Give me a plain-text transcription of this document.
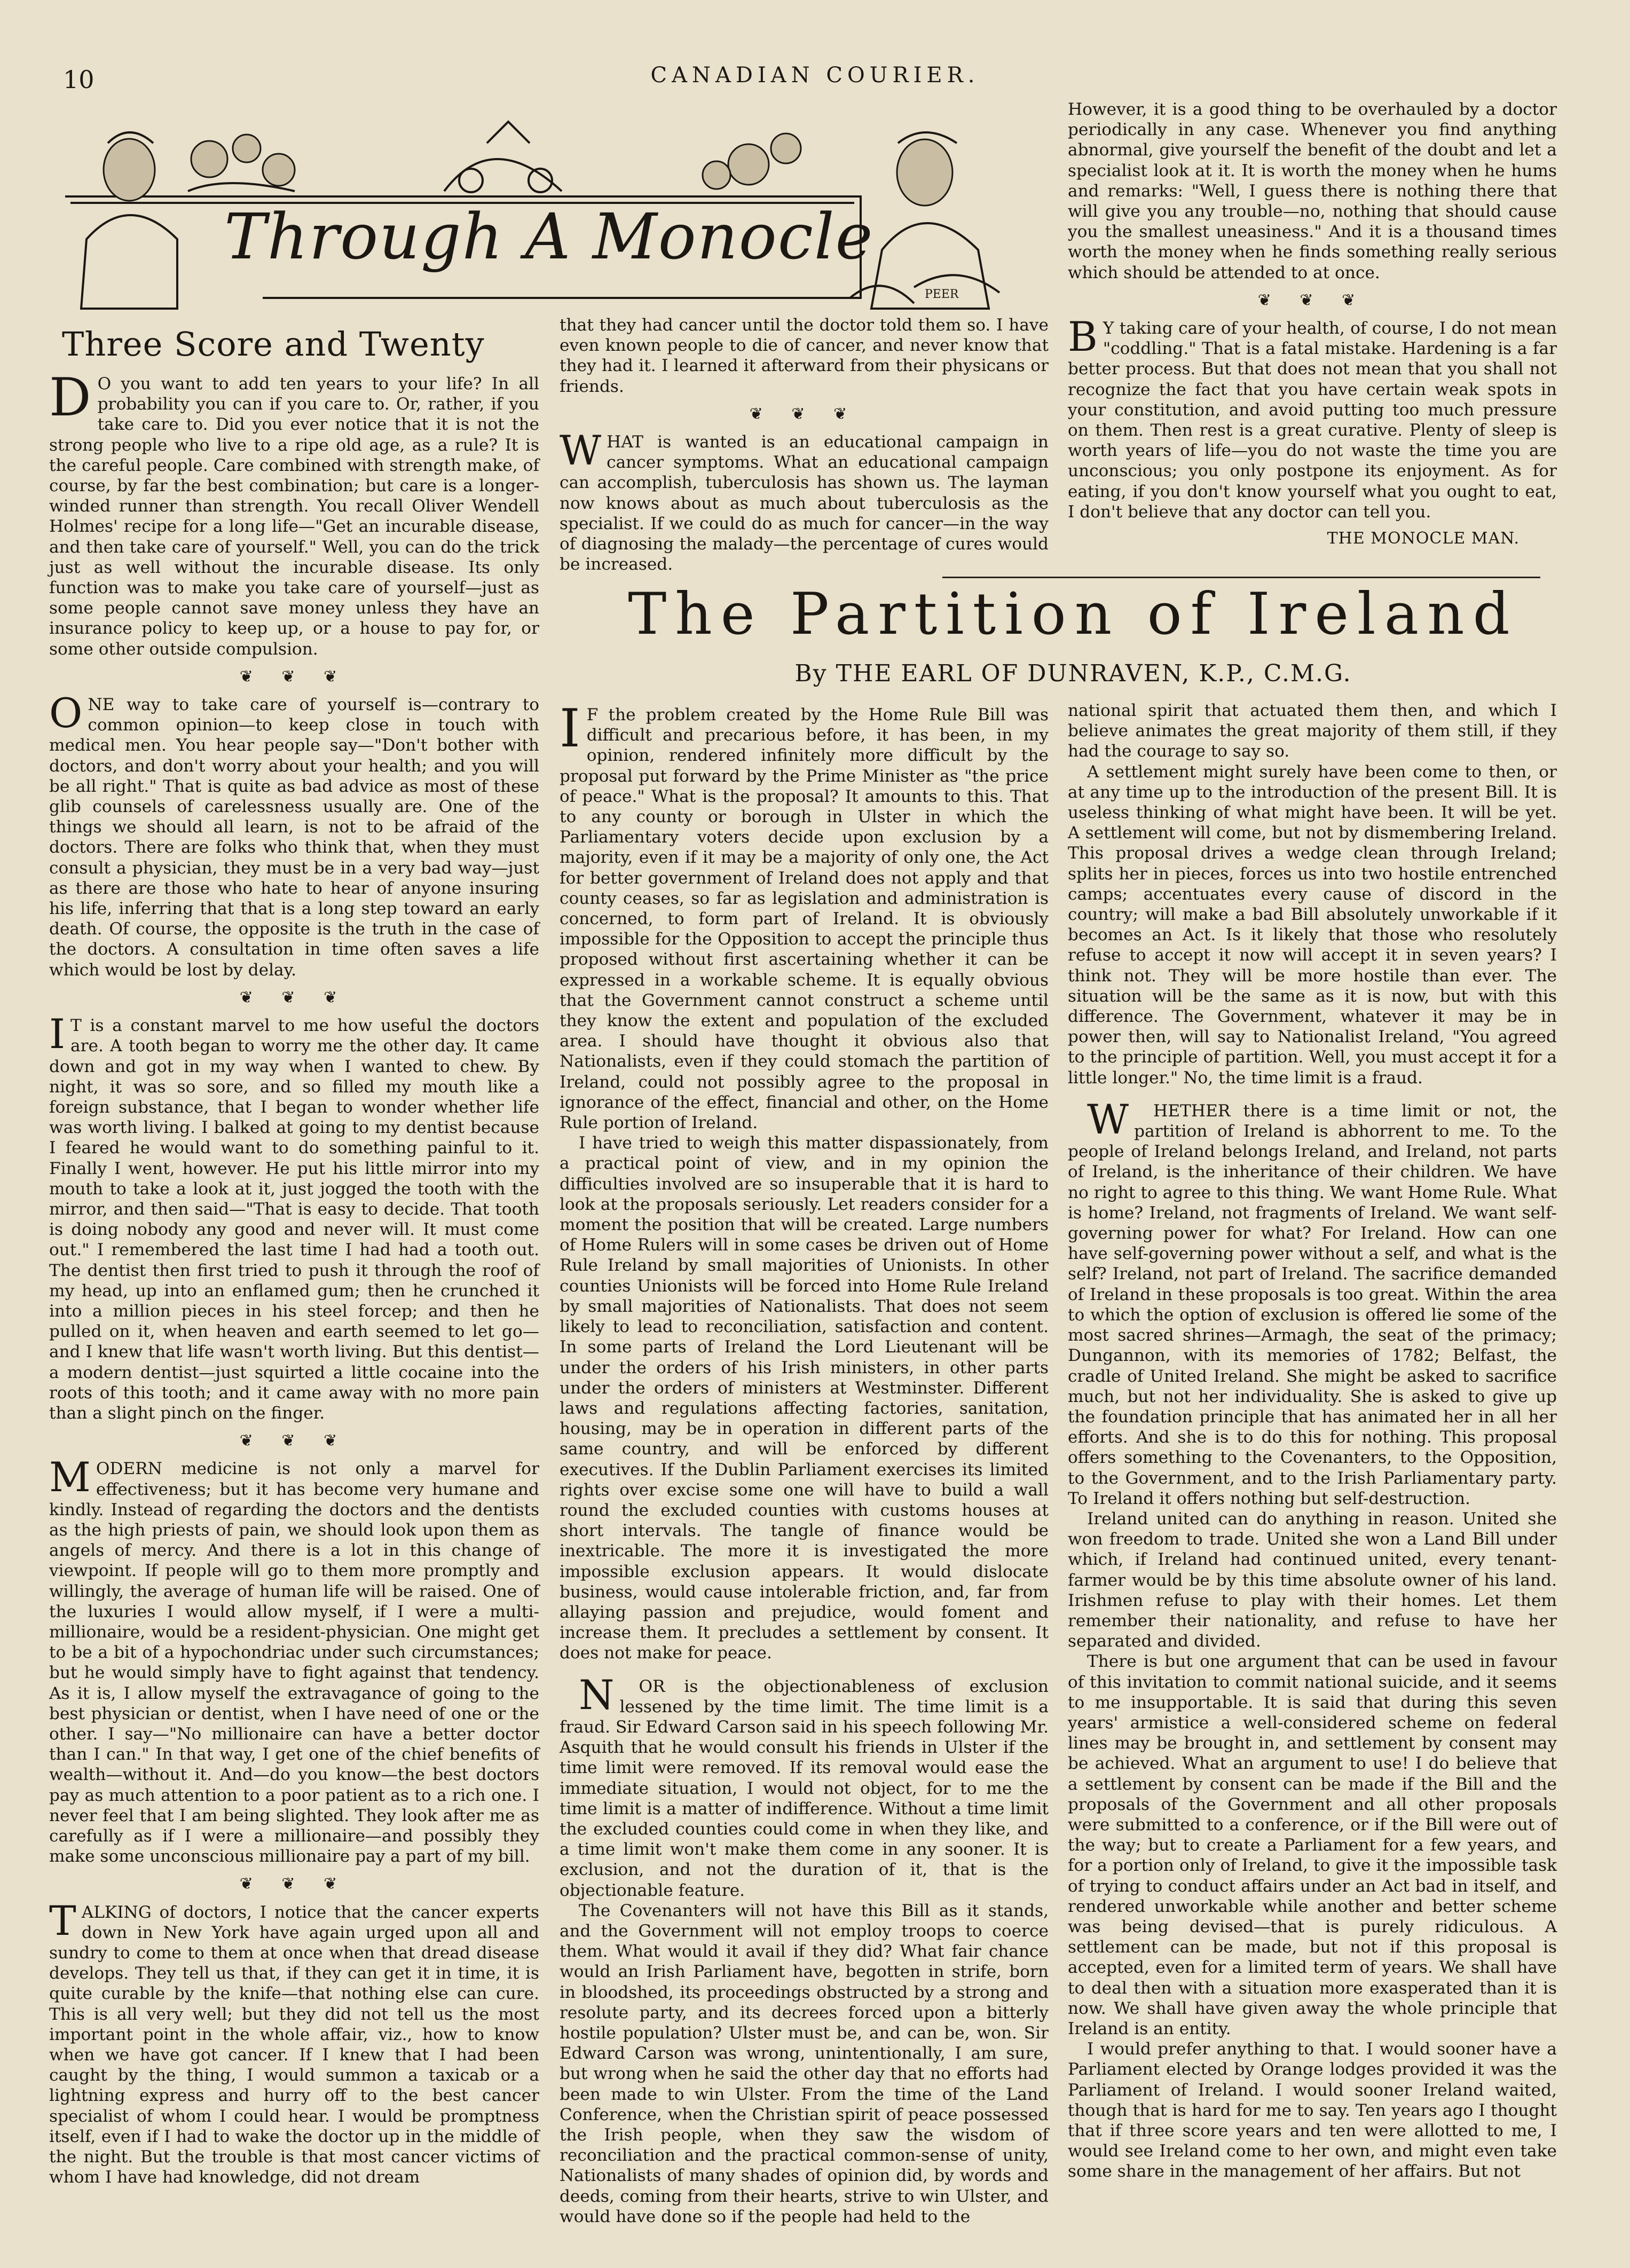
10	CANADIAN COURIER.
PEER
Through A Monocle
Three Score and Twenty

D O you want to add ten years to your life? In all probability you can if you care to. Or, rather, if you take care to. Did you ever notice that it is not the strong people who live to a ripe old age, as a rule? It is the careful people. Care combined with strength make, of course, by far the best combination; but care is a longer-winded runner than strength. You recall Oliver Wendell Holmes' recipe for a long life—"Get an incurable disease, and then take care of yourself." Well, you can do the trick just as well without the incurable disease. Its only function was to make you take care of yourself—just as some people cannot save money unless they have an insurance policy to keep up, or a house to pay for, or some other outside compulsion.

❦ ❦ ❦

ONE way to take care of yourself is—contrary to common opinion—to keep close in touch with medical men. You hear people say—"Don't bother with doctors, and don't worry about your health; and you will be all right." That is quite as bad advice as most of these glib counsels of carelessness usually are. One of the things we should all learn, is not to be afraid of the doctors. There are folks who think that, when they must consult a physician, they must be in a very bad way—just as there are those who hate to hear of anyone insuring his life, inferring that that is a long step toward an early death. Of course, the opposite is the truth in the case of the doctors. A consultation in time often saves a life which would be lost by delay.

❦ ❦ ❦

I T is a constant marvel to me how useful the doctors are. A tooth began to worry me the other day. It came down and got in my way when I wanted to chew. By night, it was so sore, and so filled my mouth like a foreign substance, that I began to wonder whether life was worth living. I balked at going to my dentist because I feared he would want to do something painful to it. Finally I went, however. He put his little mirror into my mouth to take a look at it, just jogged the tooth with the mirror, and then said—"That is easy to decide. That tooth is doing nobody any good and never will. It must come out." I remembered the last time I had had a tooth out. The dentist then first tried to push it through the roof of my head, up into an enflamed gum; then he crunched it into a million pieces in his steel forcep; and then he pulled on it, when heaven and earth seemed to let go—and I knew that life wasn't worth living. But this dentist—a modern dentist—just squirted a little cocaine into the roots of this tooth; and it came away with no more pain than a slight pinch on the finger.

❦ ❦ ❦

MODERN medicine is not only a marvel for effectiveness; but it has become very humane and kindly. Instead of regarding the doctors and the dentists as the high priests of pain, we should look upon them as angels of mercy. And there is a lot in this change of viewpoint. If people will go to them more promptly and willingly, the average of human life will be raised. One of the luxuries I would allow myself, if I were a multi-millionaire, would be a resident-physician. One might get to be a bit of a hypochondriac under such circumstances; but he would simply have to fight against that tendency. As it is, I allow myself the extravagance of going to the best physician or dentist, when I have need of one or the other. I say—"No millionaire can have a better doctor than I can." In that way, I get one of the chief benefits of wealth—without it. And—do you know—the best doctors pay as much attention to a poor patient as to a rich one. I never feel that I am being slighted. They look after me as carefully as if I were a millionaire—and possibly they make some unconscious millionaire pay a part of my bill.

❦ ❦ ❦

TALKING of doctors, I notice that the cancer experts down in New York have again urged upon all and sundry to come to them at once when that dread disease develops. They tell us that, if they can get it in time, it is quite curable by the knife—that nothing else can cure. This is all very well; but they did not tell us the most important point in the whole affair, viz., how to know when we have got cancer. If I knew that I had been caught by the thing, I would summon a taxicab or a lightning express and hurry off to the best cancer specialist of whom I could hear. I would be promptness itself, even if I had to wake the doctor up in the middle of the night. But the trouble is that most cancer victims of whom I have had knowledge, did not dream

that they had cancer until the doctor told them so. I have even known people to die of cancer, and never know that they had it. I learned it afterward from their physicans or friends.

❦ ❦ ❦

WHAT is wanted is an educational campaign in cancer symptoms. What an educational campaign can accomplish, tuberculosis has shown us. The layman now knows about as much about tuberculosis as the specialist. If we could do as much for cancer—in the way of diagnosing the malady—the percentage of cures would be increased.

However, it is a good thing to be overhauled by a doctor periodically in any case. Whenever you find anything abnormal, give yourself the benefit of the doubt and let a specialist look at it. It is worth the money when he hums and remarks: "Well, I guess there is nothing there that will give you any trouble—no, nothing that should cause you the smallest uneasiness." And it is a thousand times worth the money when he finds something really serious which should be attended to at once.

❦ ❦ ❦

B Y taking care of your health, of course, I do not mean "coddling." That is a fatal mistake. Hardening is a far better process. But that does not mean that you shall not recognize the fact that you have certain weak spots in your constitution, and avoid putting too much pressure on them. Then rest is a great curative. Plenty of sleep is worth years of life—you do not waste the time you are unconscious; you only postpone its enjoyment. As for eating, if you don't know yourself what you ought to eat, I don't believe that any doctor can tell you.

THE MONOCLE MAN.
The Partition of Ireland
By THE EARL OF DUNRAVEN, K.P., C.M.G.

I F the problem created by the Home Rule Bill was difficult and precarious before, it has been, in my opinion, rendered infinitely more difficult by the proposal put forward by the Prime Minister as "the price of peace." What is the proposal? It amounts to this. That to any county or borough in Ulster in which the Parliamentary voters decide upon exclusion by a majority, even if it may be a majority of only one, the Act for better government of Ireland does not apply and that county ceases, so far as legislation and administration is concerned, to form part of Ireland. It is obviously impossible for the Opposition to accept the principle thus proposed without first ascertaining whether it can be expressed in a workable scheme. It is equally obvious that the Government cannot construct a scheme until they know the extent and population of the excluded area. I should have thought it obvious also that Nationalists, even if they could stomach the partition of Ireland, could not possibly agree to the proposal in ignorance of the effect, financial and other, on the Home Rule portion of Ireland.

I have tried to weigh this matter dispassionately, from a practical point of view, and in my opinion the difficulties involved are so insuperable that it is hard to look at the proposals seriously. Let readers consider for a moment the position that will be created. Large numbers of Home Rulers will in some cases be driven out of Home Rule Ireland by small majorities of Unionists. In other counties Unionists will be forced into Home Rule Ireland by small majorities of Nationalists. That does not seem likely to lead to reconciliation, satisfaction and content. In some parts of Ireland the Lord Lieutenant will be under the orders of his Irish ministers, in other parts under the orders of ministers at Westminster. Different laws and regulations affecting factories, sanitation, housing, may be in operation in different parts of the same country, and will be enforced by different executives. If the Dublin Parliament exercises its limited rights over excise some one will have to build a wall round the excluded counties with customs houses at short intervals. The tangle of finance would be inextricable. The more it is investigated the more impossible exclusion appears. It would dislocate business, would cause intolerable friction, and, far from allaying passion and prejudice, would foment and increase them. It precludes a settlement by consent. It does not make for peace.

N OR is the objectionableness of exclusion lessened by the time limit. The time limit is a fraud. Sir Edward Carson said in his speech following Mr. Asquith that he would consult his friends in Ulster if the time limit were removed. If its removal would ease the immediate situation, I would not object, for to me the time limit is a matter of indifference. Without a time limit the excluded counties could come in when they like, and a time limit won't make them come in any sooner. It is exclusion, and not the duration of it, that is the objectionable feature.

The Covenanters will not have this Bill as it stands, and the Government will not employ troops to coerce them. What would it avail if they did? What fair chance would an Irish Parliament have, begotten in strife, born in bloodshed, its proceedings obstructed by a strong and resolute party, and its decrees forced upon a bitterly hostile population? Ulster must be, and can be, won. Sir Edward Carson was wrong, unintentionally, I am sure, but wrong when he said the other day that no efforts had been made to win Ulster. From the time of the Land Conference, when the Christian spirit of peace possessed the Irish people, when they saw the wisdom of reconciliation and the practical common-sense of unity, Nationalists of many shades of opinion did, by words and deeds, coming from their hearts, strive to win Ulster, and would have done so if the people had held to the

national spirit that actuated them then, and which I believe animates the great majority of them still, if they had the courage to say so.

A settlement might surely have been come to then, or at any time up to the introduction of the present Bill. It is useless thinking of what might have been. It will be yet. A settlement will come, but not by dismembering Ireland. This proposal drives a wedge clean through Ireland; splits her in pieces, forces us into two hostile entrenched camps; accentuates every cause of discord in the country; will make a bad Bill absolutely unworkable if it becomes an Act. Is it likely that those who resolutely refuse to accept it now will accept it in seven years? I think not. They will be more hostile than ever. The situation will be the same as it is now, but with this difference. The Government, whatever it may be in power then, will say to Nationalist Ireland, "You agreed to the principle of partition. Well, you must accept it for a little longer." No, the time limit is a fraud.

W HETHER there is a time limit or not, the partition of Ireland is abhorrent to me. To the people of Ireland belongs Ireland, and Ireland, not parts of Ireland, is the inheritance of their children. We have no right to agree to this thing. We want Home Rule. What is home? Ireland, not fragments of Ireland. We want self-governing power for what? For Ireland. How can one have self-governing power without a self, and what is the self? Ireland, not part of Ireland. The sacrifice demanded of Ireland in these proposals is too great. Within the area to which the option of exclusion is offered lie some of the most sacred shrines—Armagh, the seat of the primacy; Dungannon, with its memories of 1782; Belfast, the cradle of United Ireland. She might be asked to sacrifice much, but not her individuality. She is asked to give up the foundation principle that has animated her in all her efforts. And she is to do this for nothing. This proposal offers something to the Covenanters, to the Opposition, to the Government, and to the Irish Parliamentary party. To Ireland it offers nothing but self-destruction.

Ireland united can do anything in reason. United she won freedom to trade. United she won a Land Bill under which, if Ireland had continued united, every tenant-farmer would be by this time absolute owner of his land. Irishmen refuse to play with their homes. Let them remember their nationality, and refuse to have her separated and divided.

There is but one argument that can be used in favour of this invitation to commit national suicide, and it seems to me insupportable. It is said that during this seven years' armistice a well-considered scheme on federal lines may be brought in, and settlement by consent may be achieved. What an argument to use! I do believe that a settlement by consent can be made if the Bill and the proposals of the Government and all other proposals were submitted to a conference, or if the Bill were out of the way; but to create a Parliament for a few years, and for a portion only of Ireland, to give it the impossible task of trying to conduct affairs under an Act bad in itself, and rendered unworkable while another and better scheme was being devised—that is purely ridiculous. A settlement can be made, but not if this proposal is accepted, even for a limited term of years. We shall have to deal then with a situation more exasperated than it is now. We shall have given away the whole principle that Ireland is an entity.

I would prefer anything to that. I would sooner have a Parliament elected by Orange lodges provided it was the Parliament of Ireland. I would sooner Ireland waited, though that is hard for me to say. Ten years ago I thought that if three score years and ten were allotted to me, I would see Ireland come to her own, and might even take some share in the management of her affairs. But not
